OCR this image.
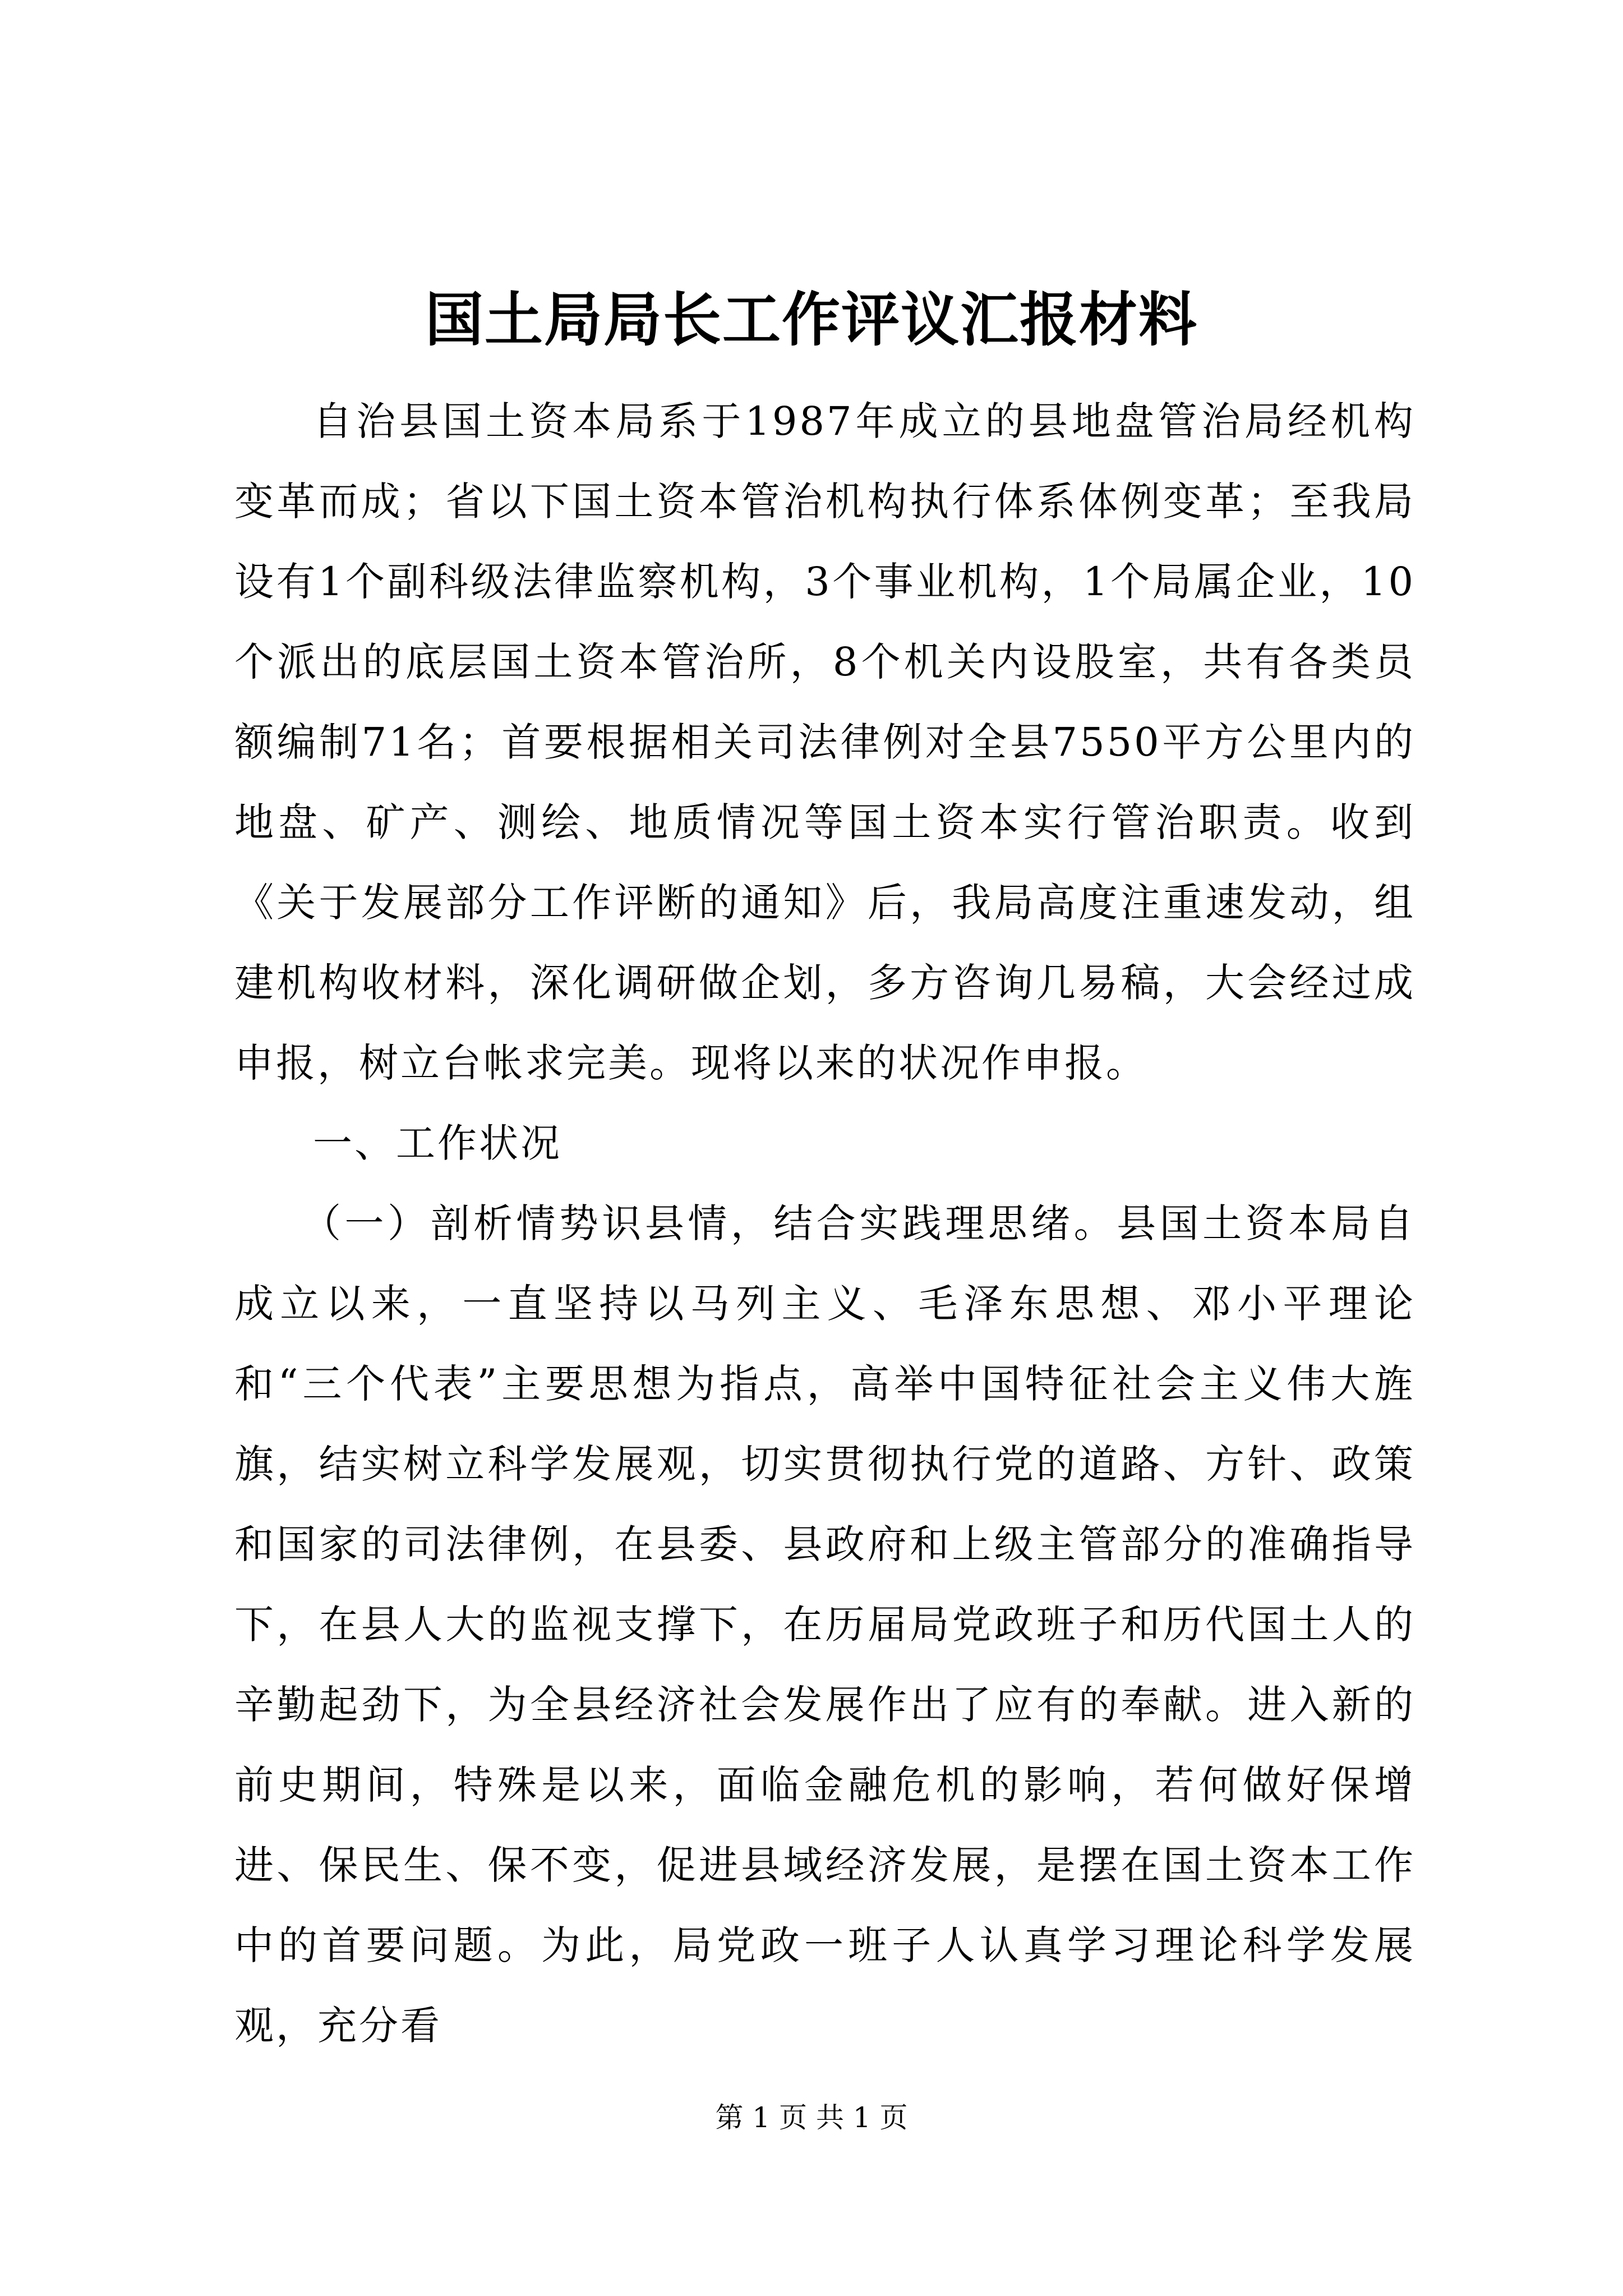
国土局局长工作评议汇报材料

自治县国土资本局系于1987年成立的县地盘管治局经机构变革而成；省以下国土资本管治机构执行体系体例变革；至我局设有1个副科级法律监察机构，3个事业机构，1个局属企业，10个派出的底层国土资本管治所，8个机关内设股室，共有各类员额编制71名；首要根据相关司法律例对全县7550平方公里内的地盘、矿产、测绘、地质情况等国土资本实行管治职责。收到《关于发展部分工作评断的通知》后，我局高度注重速发动，组建机构收材料，深化调研做企划，多方咨询几易稿，大会经过成申报，树立台帐求完美。现将以来的状况作申报。

一、工作状况

（一）剖析情势识县情，结合实践理思绪。县国土资本局自成立以来，一直坚持以马列主义、毛泽东思想、邓小平理论和“三个代表”主要思想为指点，高举中国特征社会主义伟大旌旗，结实树立科学发展观，切实贯彻执行党的道路、方针、政策和国家的司法律例，在县委、县政府和上级主管部分的准确指导下，在县人大的监视支撑下，在历届局党政班子和历代国土人的辛勤起劲下，为全县经济社会发展作出了应有的奉献。进入新的前史期间，特殊是以来，面临金融危机的影响，若何做好保增进、保民生、保不变，促进县域经济发展，是摆在国土资本工作中的首要问题。为此，局党政一班子人认真学习理论科学发展观，充分看

第 1 页 共 1 页
